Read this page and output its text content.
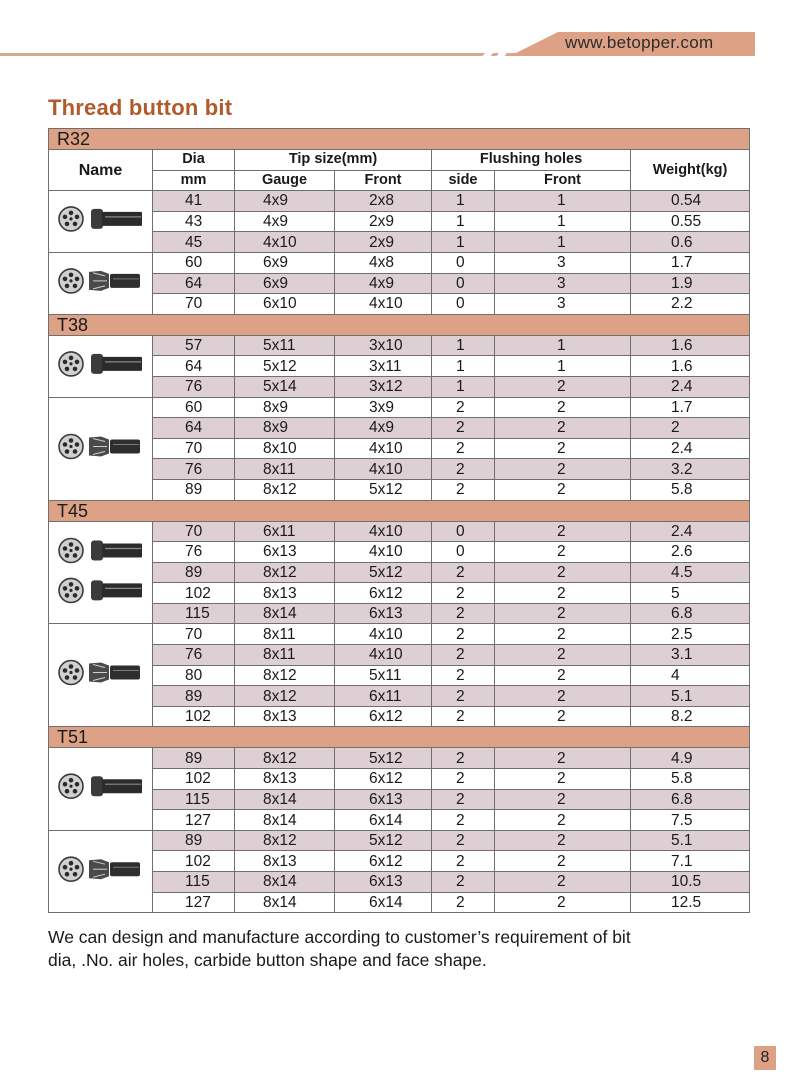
www.betopper.com
Thread button bit
R32						
Name	Dia	Tip size(mm)		Flushing holes		Weight(kg)
	mm	Gauge	Front	side	Front	
	41	4x9	2x8	1	1	0.54
	43	4x9	2x9	1	1	0.55
	45	4x10	2x9	1	1	0.6
	60	6x9	4x8	0	3	1.7
	64	6x9	4x9	0	3	1.9
	70	6x10	4x10	0	3	2.2
T38						
	57	5x11	3x10	1	1	1.6
	64	5x12	3x11	1	1	1.6
	76	5x14	3x12	1	2	2.4
	60	8x9	3x9	2	2	1.7
	64	8x9	4x9	2	2	2
	70	8x10	4x10	2	2	2.4
	76	8x11	4x10	2	2	3.2
	89	8x12	5x12	2	2	5.8
T45						
	70	6x11	4x10	0	2	2.4
	76	6x13	4x10	0	2	2.6
	89	8x12	5x12	2	2	4.5
	102	8x13	6x12	2	2	5
	115	8x14	6x13	2	2	6.8
	70	8x11	4x10	2	2	2.5
	76	8x11	4x10	2	2	3.1
	80	8x12	5x11	2	2	4
	89	8x12	6x11	2	2	5.1
	102	8x13	6x12	2	2	8.2
T51						
	89	8x12	5x12	2	2	4.9
	102	8x13	6x12	2	2	5.8
	115	8x14	6x13	2	2	6.8
	127	8x14	6x14	2	2	7.5
	89	8x12	5x12	2	2	5.1
	102	8x13	6x12	2	2	7.1
	115	8x14	6x13	2	2	10.5
	127	8x14	6x14	2	2	12.5
We can design and manufacture according to customer’s requirement of bit
dia, .No. air holes, carbide button shape and face shape.
8
